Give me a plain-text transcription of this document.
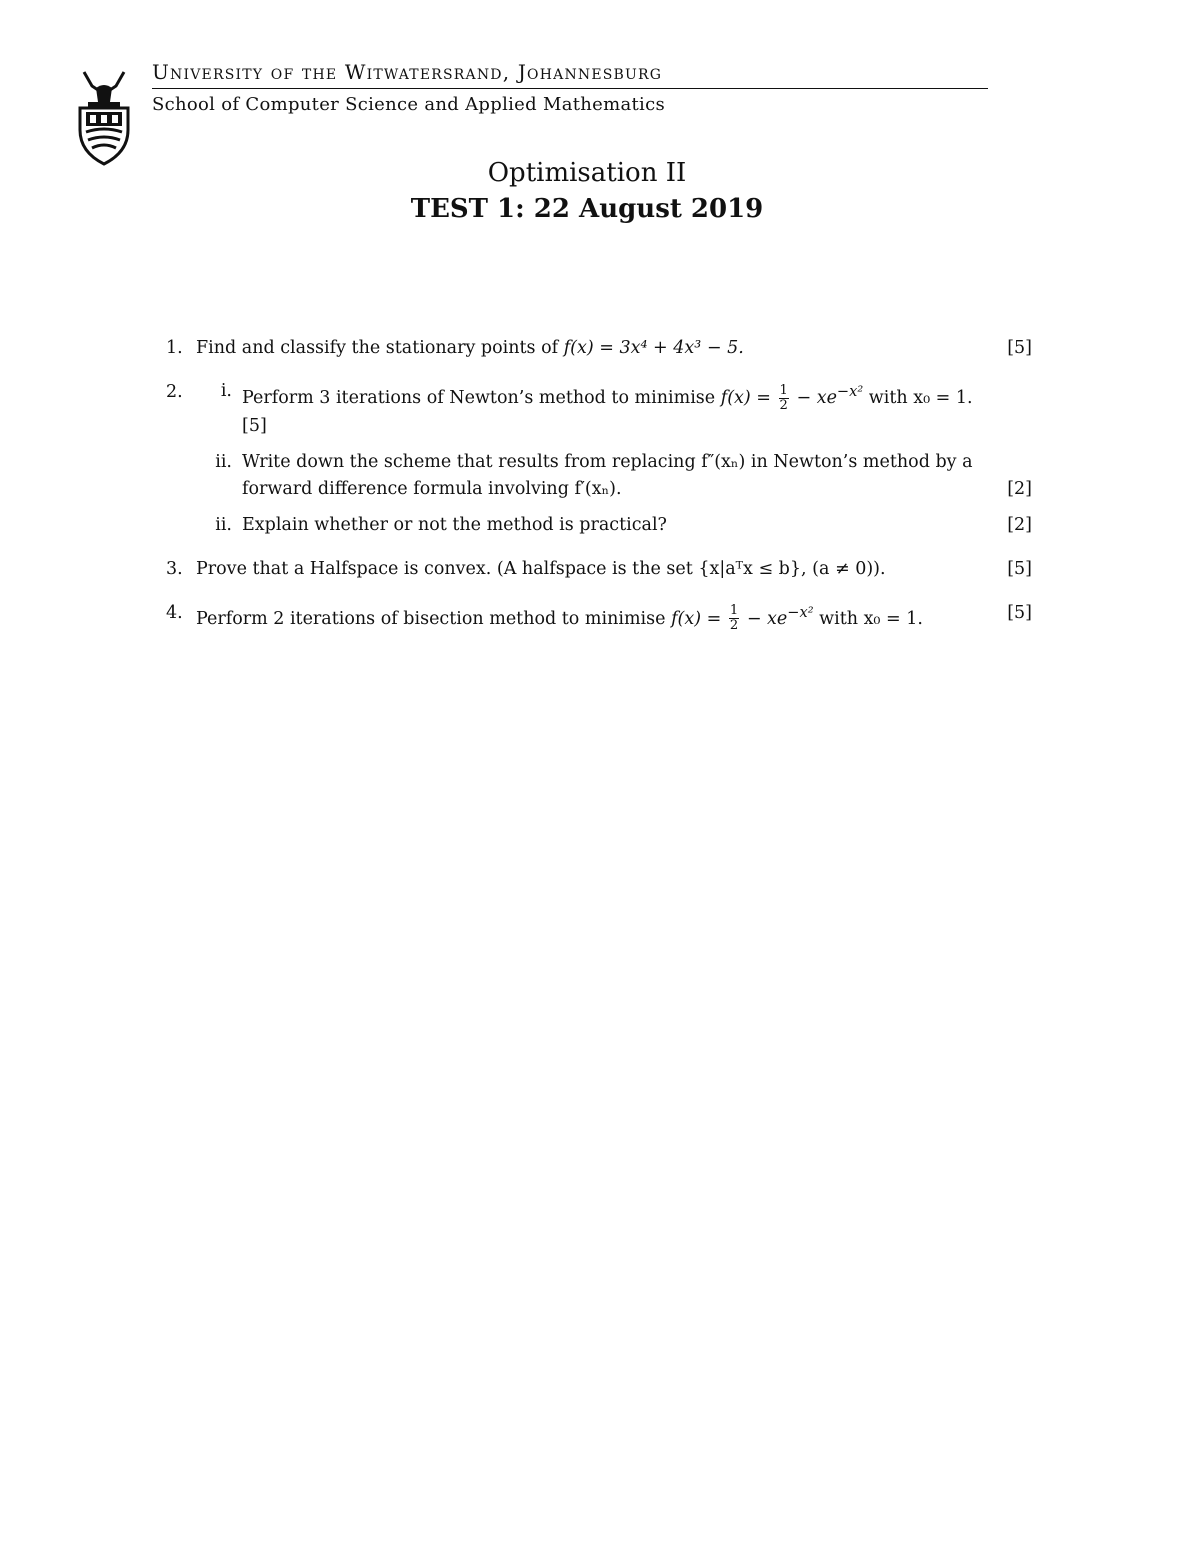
University of the Witwatersrand, Johannesburg
School of Computer Science and Applied Mathematics
Optimisation II
TEST 1: 22 August 2019
1. Find and classify the stationary points of f(x) = 3x⁴ + 4x³ − 5.	[5]
2.	i. Perform 3 iterations of Newton’s method to minimise $f(x) = \frac{1}{2} - xe^{-x^2}$ with x₀ = 1.
[5]
ii. Write down the scheme that results from replacing f″(xₙ) in Newton’s method by a
forward difference formula involving f′(xₙ).	[2]
ii. Explain whether or not the method is practical?	[2]
3. Prove that a Halfspace is convex. (A halfspace is the set {x|aᵀx ≤ b}, (a ≠ 0)).	[5]
4. Perform 2 iterations of bisection method to minimise $f(x) = \frac{1}{2} - xe^{-x^2}$ with x₀ = 1.	[5]
